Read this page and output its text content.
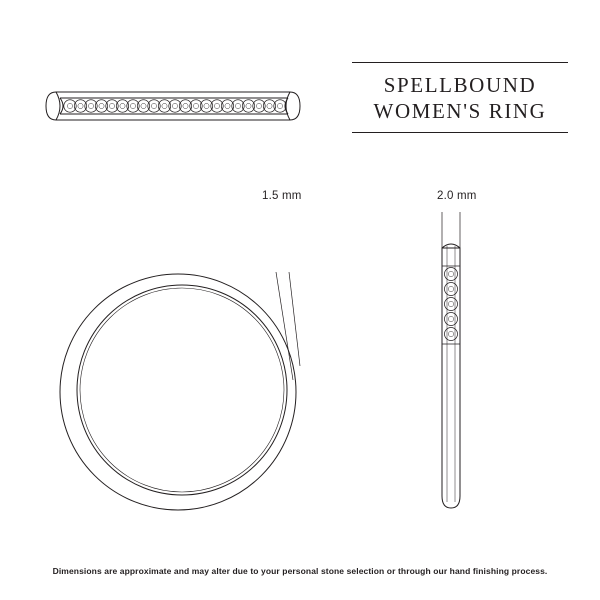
SPELLBOUND
WOMEN'S RING
1.5 mm	2.0 mm
Dimensions are approximate and may alter due to your personal stone selection or through our hand finishing process.
